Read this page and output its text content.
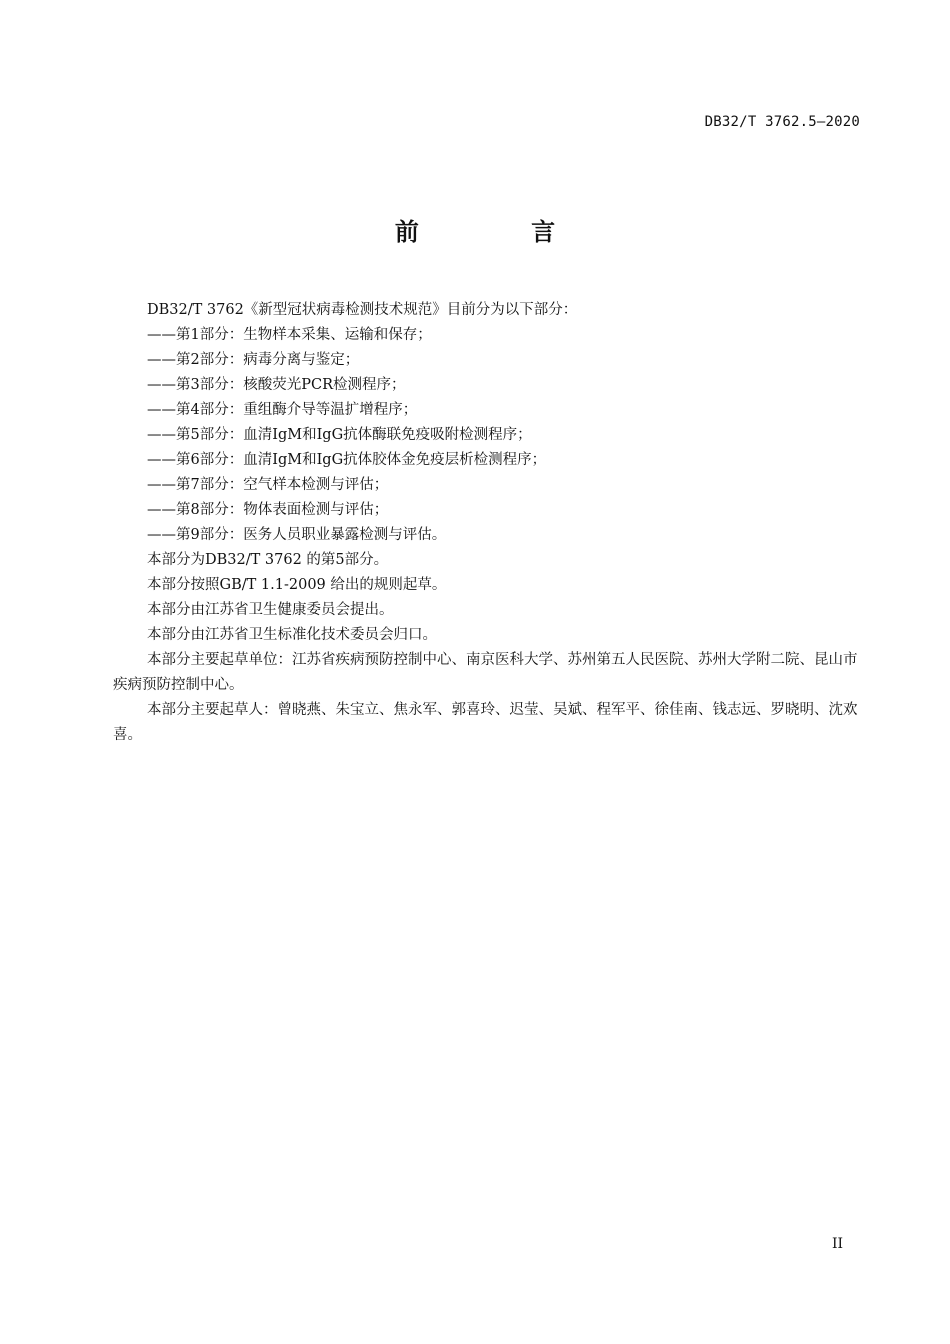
DB32/T 3762.5—2020
前 言

DB32/T 3762《新型冠状病毒检测技术规范》目前分为以下部分：

——第1部分：生物样本采集、运输和保存；

——第2部分：病毒分离与鉴定；

——第3部分：核酸荧光PCR检测程序；

——第4部分：重组酶介导等温扩增程序；

——第5部分：血清IgM和IgG抗体酶联免疫吸附检测程序；

——第6部分：血清IgM和IgG抗体胶体金免疫层析检测程序；

——第7部分：空气样本检测与评估；

——第8部分：物体表面检测与评估；

——第9部分：医务人员职业暴露检测与评估。

本部分为DB32/T 3762 的第5部分。

本部分按照GB/T 1.1-2009 给出的规则起草。

本部分由江苏省卫生健康委员会提出。

本部分由江苏省卫生标准化技术委员会归口。

本部分主要起草单位：江苏省疾病预防控制中心、南京医科大学、苏州第五人民医院、苏州大学附二院、昆山市疾病预防控制中心。

本部分主要起草人：曾晓燕、朱宝立、焦永军、郭喜玲、迟莹、吴斌、程军平、徐佳南、钱志远、罗晓明、沈欢喜。

II
